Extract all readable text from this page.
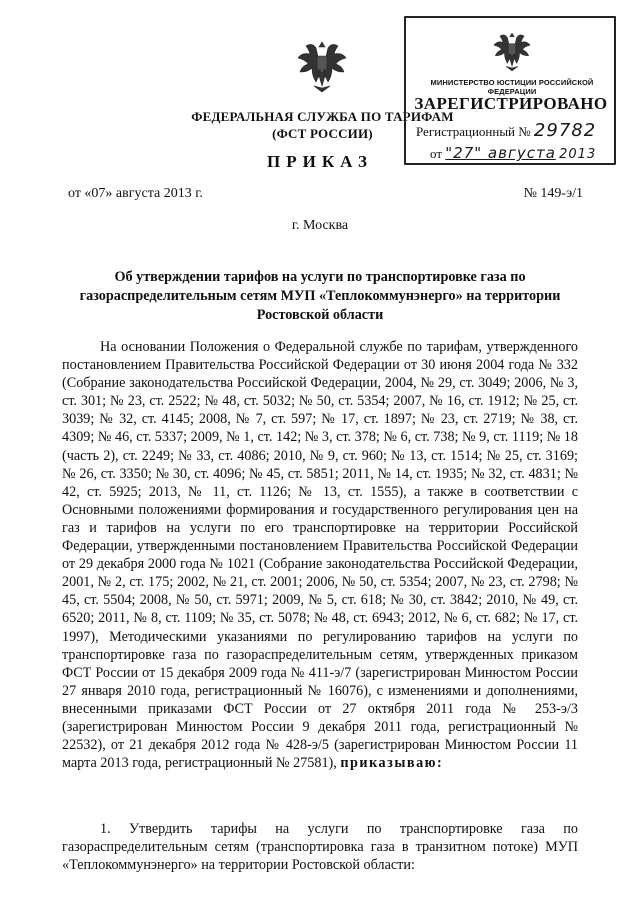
ФЕДЕРАЛЬНАЯ СЛУЖБА ПО ТАРИФАМ
(ФСТ РОССИИ)
МИНИСТЕРСТВО ЮСТИЦИИ РОССИЙСКОЙ ФЕДЕРАЦИИ
ЗАРЕГИСТРИРОВАНО
Регистрационный № 29782
от "27" августа 2013
ПРИКАЗ
от «07» августа 2013 г.	№ 149-э/1
г. Москва
Об утверждении тарифов на услуги по транспортировке газа по газораспределительным сетям МУП «Теплокоммунэнерго» на территории Ростовской области

На основании Положения о Федеральной службе по тарифам, утвержденного постановлением Правительства Российской Федерации от 30 июня 2004 года № 332 (Собрание законодательства Российской Федерации, 2004, № 29, ст. 3049; 2006, № 3, ст. 301; № 23, ст. 2522; № 48, ст. 5032; № 50, ст. 5354; 2007, № 16, ст. 1912; № 25, ст. 3039; № 32, ст. 4145; 2008, № 7, ст. 597; № 17, ст. 1897; № 23, ст. 2719; № 38, ст. 4309; № 46, ст. 5337; 2009, № 1, ст. 142; № 3, ст. 378; № 6, ст. 738; № 9, ст. 1119; № 18 (часть 2), ст. 2249; № 33, ст. 4086; 2010, № 9, ст. 960; № 13, ст. 1514; № 25, ст. 3169; № 26, ст. 3350; № 30, ст. 4096; № 45, ст. 5851; 2011, № 14, ст. 1935; № 32, ст. 4831; № 42, ст. 5925; 2013, № 11, ст. 1126; № 13, ст. 1555), а также в соответствии с Основными положениями формирования и государственного регулирования цен на газ и тарифов на услуги по его транспортировке на территории Российской Федерации, утвержденными постановлением Правительства Российской Федерации от 29 декабря 2000 года № 1021 (Собрание законодательства Российской Федерации, 2001, № 2, ст. 175; 2002, № 21, ст. 2001; 2006, № 50, ст. 5354; 2007, № 23, ст. 2798; № 45, ст. 5504; 2008, № 50, ст. 5971; 2009, № 5, ст. 618; № 30, ст. 3842; 2010, № 49, ст. 6520; 2011, № 8, ст. 1109; № 35, ст. 5078; № 48, ст. 6943; 2012, № 6, ст. 682; № 17, ст. 1997), Методическими указаниями по регулированию тарифов на услуги по транспортировке газа по газораспределительным сетям, утвержденных приказом ФСТ России от 15 декабря 2009 года № 411-э/7 (зарегистрирован Минюстом России 27 января 2010 года, регистрационный № 16076), с изменениями и дополнениями, внесенными приказами ФСТ России от 27 октября 2011 года № 253-э/3 (зарегистрирован Минюстом России 9 декабря 2011 года, регистрационный № 22532), от 21 декабря 2012 года № 428-э/5 (зарегистрирован Минюстом России 11 марта 2013 года, регистрационный № 27581), приказываю:

1. Утвердить тарифы на услуги по транспортировке газа по газораспределительным сетям (транспортировка газа в транзитном потоке) МУП «Теплокоммунэнерго» на территории Ростовской области:
